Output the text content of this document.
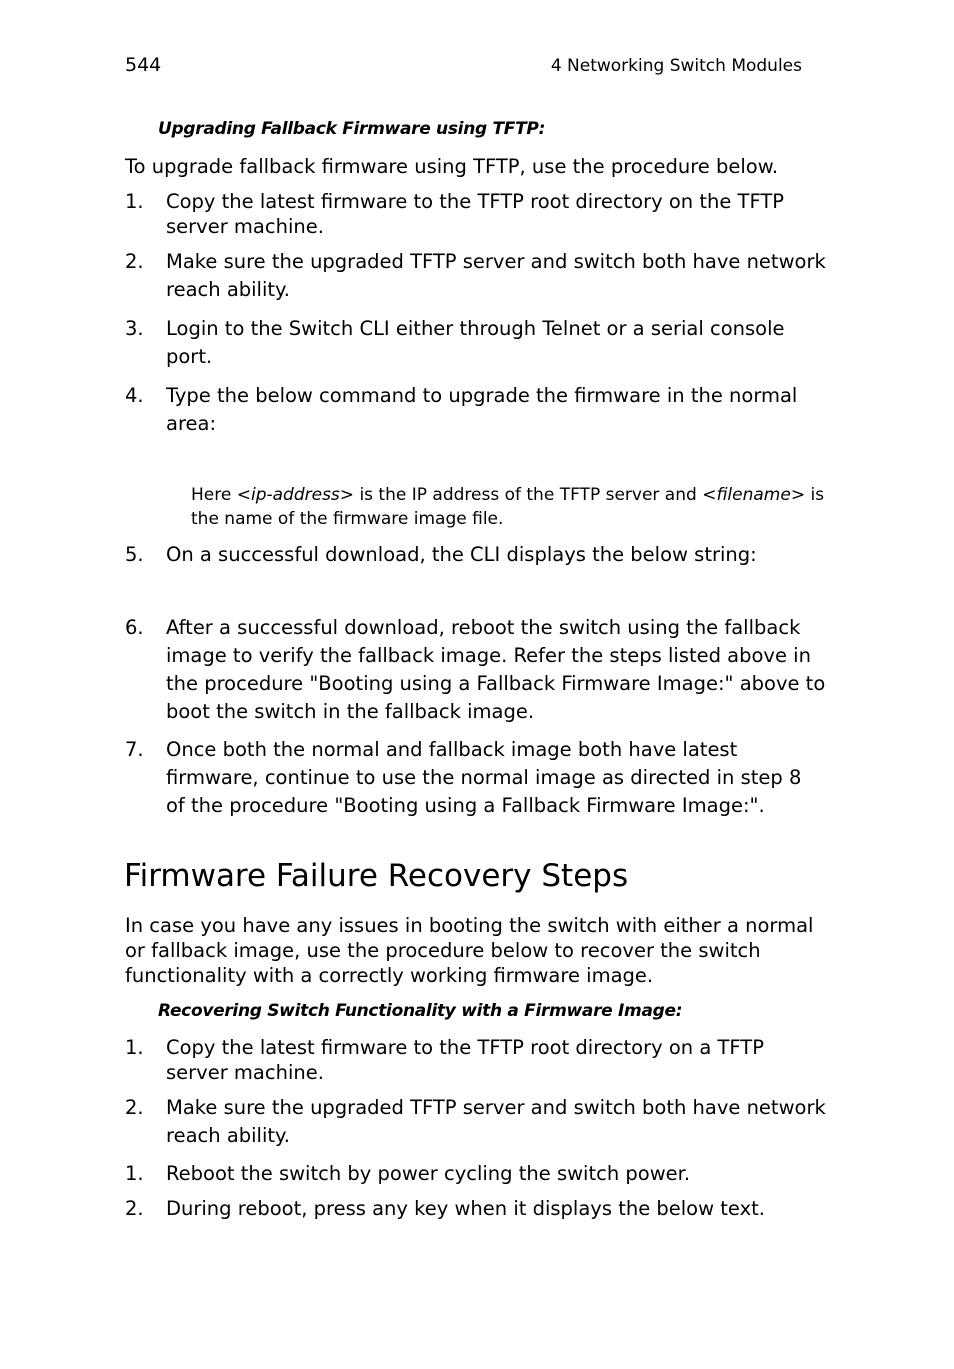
544	4 Networking Switch Modules
Upgrading Fallback Firmware using TFTP:
To upgrade fallback firmware using TFTP, use the procedure below.
1. Copy the latest firmware to the TFTP root directory on the TFTP server machine.
2. Make sure the upgraded TFTP server and switch both have network reach ability.
3. Login to the Switch CLI either through Telnet or a serial console port.
4. Type the below command to upgrade the firmware in the normal area:
Here <ip-address> is the IP address of the TFTP server and <filename> is the name of the firmware image file.
5. On a successful download, the CLI displays the below string:
6. After a successful download, reboot the switch using the fallback image to verify the fallback image. Refer the steps listed above in the procedure "Booting using a Fallback Firmware Image:" above to boot the switch in the fallback image.
7. Once both the normal and fallback image both have latest firmware, continue to use the normal image as directed in step 8 of the procedure "Booting using a Fallback Firmware Image:".
Firmware Failure Recovery Steps
In case you have any issues in booting the switch with either a normal or fallback image, use the procedure below to recover the switch functionality with a correctly working firmware image.
Recovering Switch Functionality with a Firmware Image:
1. Copy the latest firmware to the TFTP root directory on a TFTP server machine.
2. Make sure the upgraded TFTP server and switch both have network reach ability.
1. Reboot the switch by power cycling the switch power.
2. During reboot, press any key when it displays the below text.
